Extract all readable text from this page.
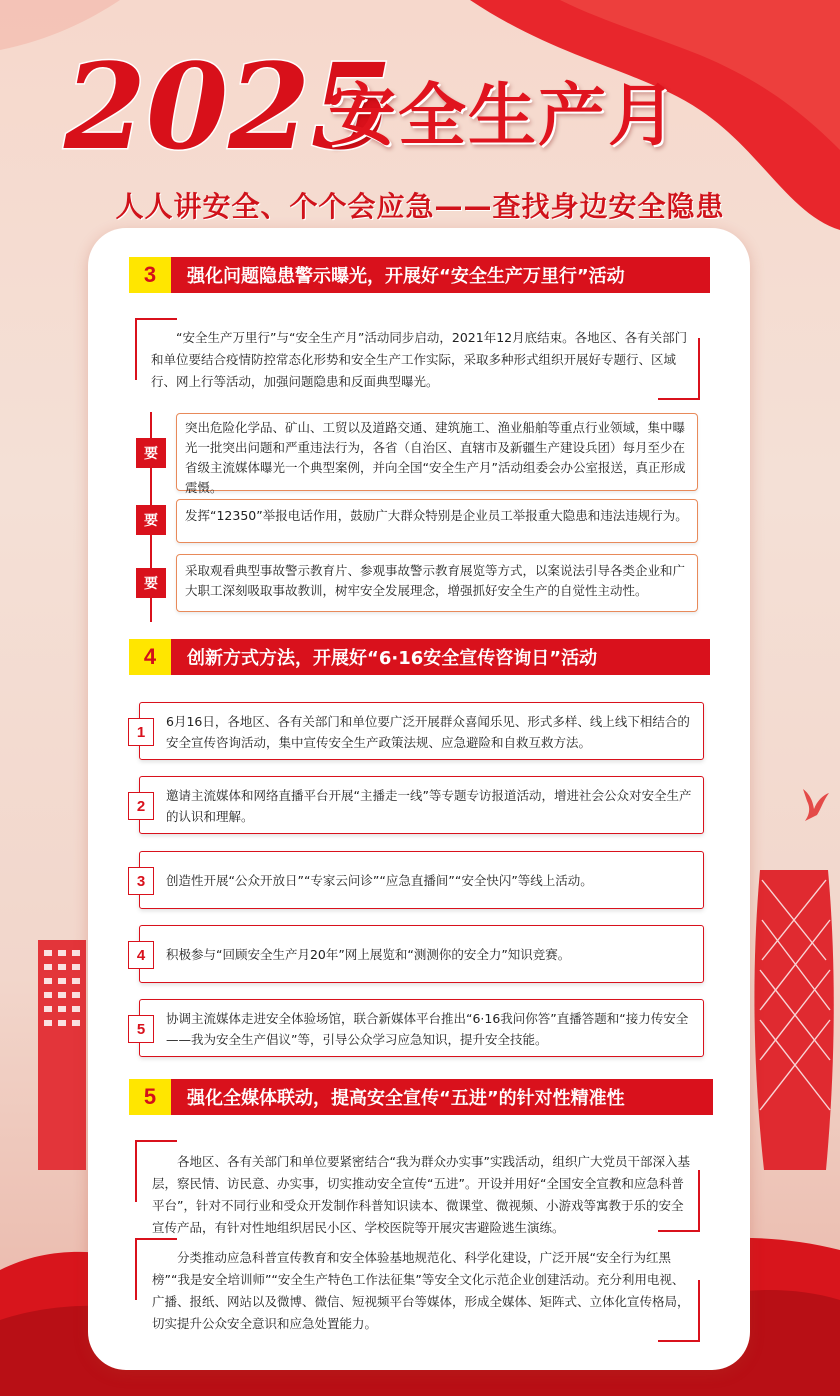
2025
安全生产月
人人讲安全、个个会应急——查找身边安全隐患
3	强化问题隐患警示曝光，开展好“安全生产万里行”活动
“安全生产万里行”与“安全生产月”活动同步启动，2021年12月底结束。各地区、各有关部门和单位要结合疫情防控常态化形势和安全生产工作实际，采取多种形式组织开展好专题行、区域行、网上行等活动，加强问题隐患和反面典型曝光。
要
突出危险化学品、矿山、工贸以及道路交通、建筑施工、渔业船舶等重点行业领域，集中曝光一批突出问题和严重违法行为，各省（自治区、直辖市及新疆生产建设兵团）每月至少在省级主流媒体曝光一个典型案例，并向全国“安全生产月”活动组委会办公室报送，真正形成震慑。
要	发挥“12350”举报电话作用，鼓励广大群众特别是企业员工举报重大隐患和违法违规行为。
要
采取观看典型事故警示教育片、参观事故警示教育展览等方式，以案说法引导各类企业和广大职工深刻吸取事故教训，树牢安全发展理念，增强抓好安全生产的自觉性主动性。
4	创新方式方法，开展好“6·16安全宣传咨询日”活动
1
6月16日，各地区、各有关部门和单位要广泛开展群众喜闻乐见、形式多样、线上线下相结合的安全宣传咨询活动，集中宣传安全生产政策法规、应急避险和自救互救方法。
2
邀请主流媒体和网络直播平台开展“主播走一线”等专题专访报道活动，增进社会公众对安全生产的认识和理解。
3	创造性开展“公众开放日”“专家云问诊”“应急直播间”“安全快闪”等线上活动。
4	积极参与“回顾安全生产月20年”网上展览和“测测你的安全力”知识竞赛。
5
协调主流媒体走进安全体验场馆，联合新媒体平台推出“6·16我问你答”直播答题和“接力传安全——我为安全生产倡议”等，引导公众学习应急知识，提升安全技能。
5	强化全媒体联动，提高安全宣传“五进”的针对性精准性
各地区、各有关部门和单位要紧密结合“我为群众办实事”实践活动，组织广大党员干部深入基层，察民情、访民意、办实事，切实推动安全宣传“五进”。开设并用好“全国安全宣教和应急科普平台”，针对不同行业和受众开发制作科普知识读本、微课堂、微视频、小游戏等寓教于乐的安全宣传产品，有针对性地组织居民小区、学校医院等开展灾害避险逃生演练。
分类推动应急科普宣传教育和安全体验基地规范化、科学化建设，广泛开展“安全行为红黑榜”“我是安全培训师”“安全生产特色工作法征集”等安全文化示范企业创建活动。充分利用电视、广播、报纸、网站以及微博、微信、短视频平台等媒体，形成全媒体、矩阵式、立体化宣传格局，切实提升公众安全意识和应急处置能力。
